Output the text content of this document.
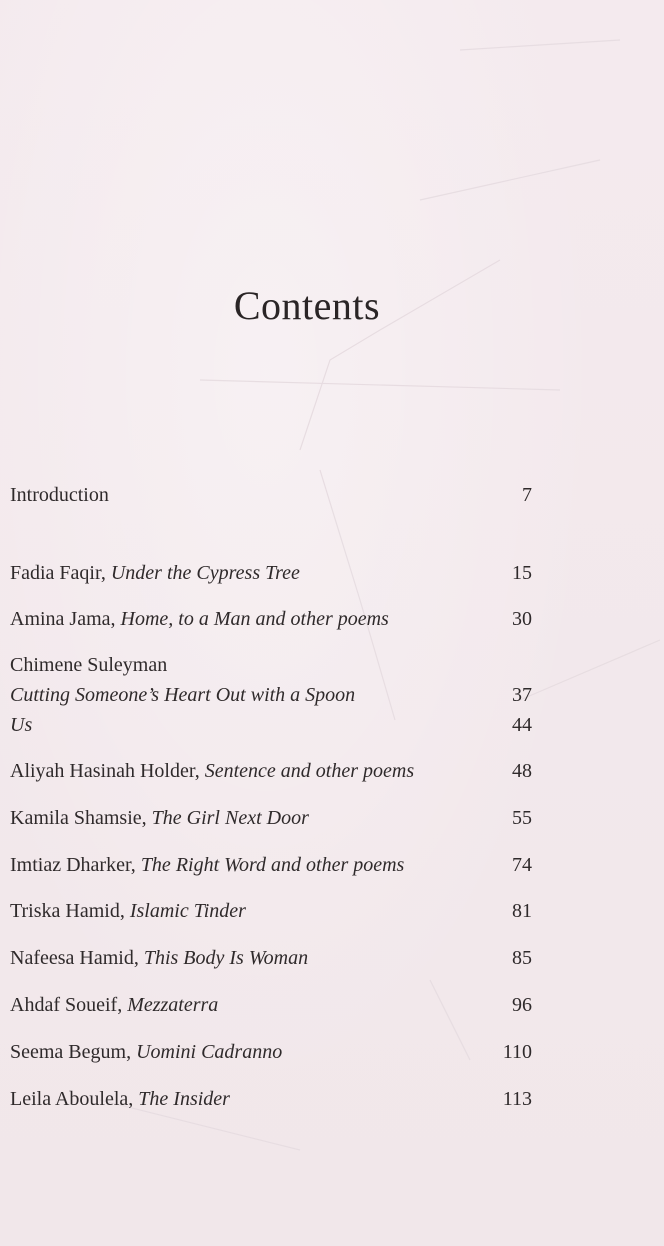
Contents
Introduction	7
Fadia Faqir, Under the Cypress Tree	15
Amina Jama, Home, to a Man and other poems	30
Chimene Suleyman
Cutting Someone’s Heart Out with a Spoon	37
Us	44
Aliyah Hasinah Holder, Sentence and other poems	48
Kamila Shamsie, The Girl Next Door	55
Imtiaz Dharker, The Right Word and other poems	74
Triska Hamid, Islamic Tinder	81
Nafeesa Hamid, This Body Is Woman	85
Ahdaf Soueif, Mezzaterra	96
Seema Begum, Uomini Cadranno	110
Leila Aboulela, The Insider	113
